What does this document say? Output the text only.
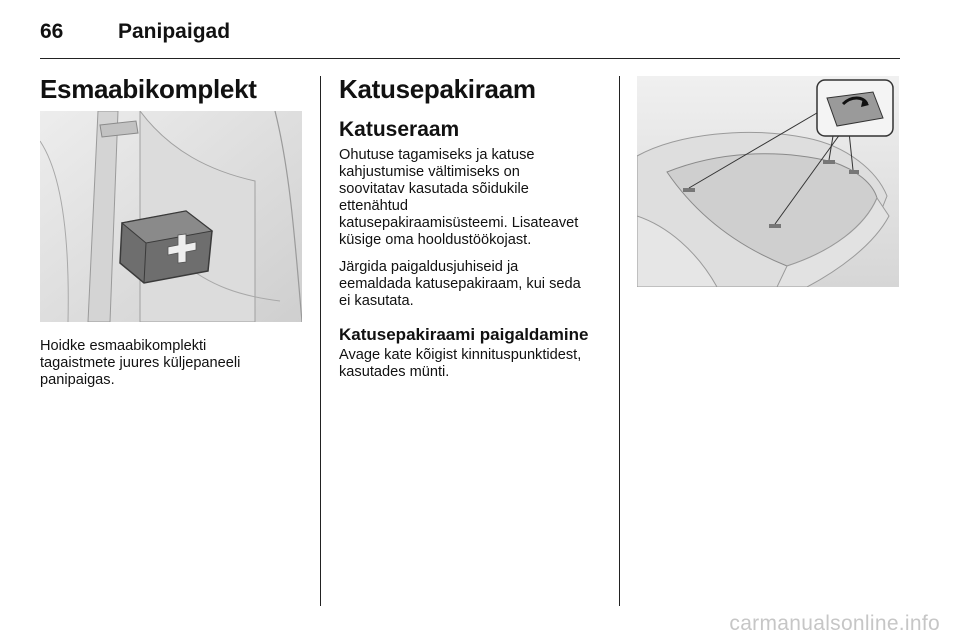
66	Panipaigad
Esmaabikomplekt
Hoidke esmaabikomplekti
tagaistmete juures küljepaneeli
panipaigas.
Katusepakiraam
Katuseraam
Ohutuse tagamiseks ja katuse
kahjustumise vältimiseks on
soovitatav kasutada sõidukile
ettenähtud
katusepakiraamisüsteemi. Lisateavet
küsige oma hooldustöökojast.
Järgida paigaldusjuhiseid ja
eemaldada katusepakiraam, kui seda
ei kasutata.
Katusepakiraami paigaldamine
Avage kate kõigist kinnituspunktidest,
kasutades münti.
carmanualsonline.info
